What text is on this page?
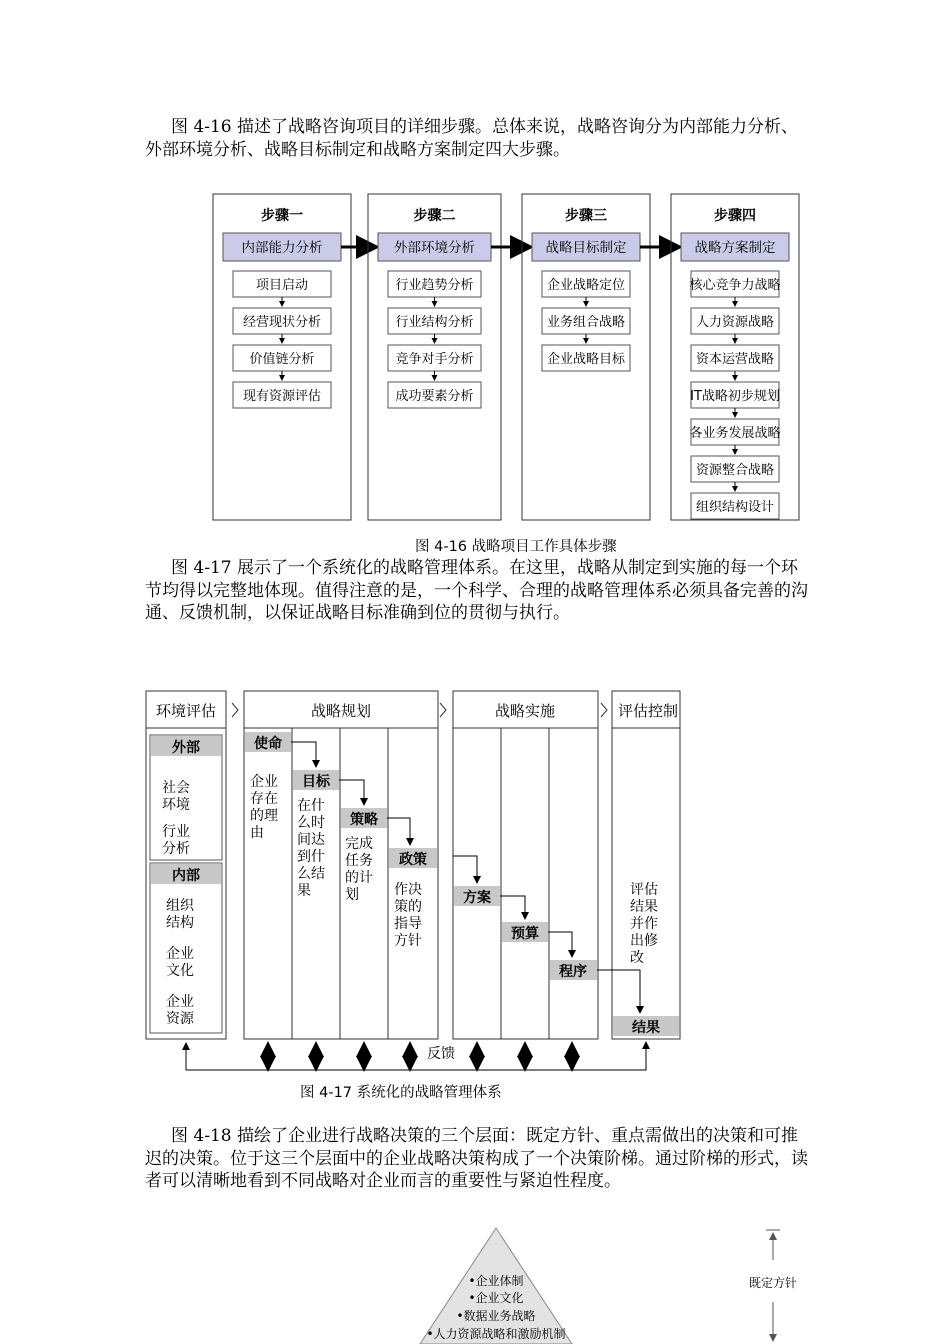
图 4-16 描述了战略咨询项目的详细步骤。总体来说，战略咨询分为内部能力分析、外部环境分析、战略目标制定和战略方案制定四大步骤。

步骤一
内部能力分析
项目启动
经营现状分析
价值链分析
现有资源评估
步骤二
外部环境分析
行业趋势分析
行业结构分析
竞争对手分析
成功要素分析
步骤三
战略目标制定
企业战略定位
业务组合战略
企业战略目标
步骤四
战略方案制定
核心竞争力战略
人力资源战略
资本运营战略
IT战略初步规划
各业务发展战略
资源整合战略
组织结构设计
图 4-16 战略项目工作具体步骤

图 4-17 展示了一个系统化的战略管理体系。在这里，战略从制定到实施的每一个环节均得以完整地体现。值得注意的是，一个科学、合理的战略管理体系必须具备完善的沟通、反馈机制，以保证战略目标准确到位的贯彻与执行。

环境评估	战略规划	战略实施	评估控制
外部
内部
社会
环境
行业
分析
组织
结构
企业
文化
企业
资源
企业
存在
的理
由
在什
么时
间达
到什
么结
果
完成
任务
的计
划	作决
策的
指导
方针
评估
结果
并作
出修
改
使命
目标
策略
政策
方案
预算
程序
结果
反馈
图 4-17 系统化的战略管理体系

图 4-18 描绘了企业进行战略决策的三个层面：既定方针、重点需做出的决策和可推迟的决策。位于这三个层面中的企业战略决策构成了一个决策阶梯。通过阶梯的形式，读者可以清晰地看到不同战略对企业而言的重要性与紧迫性程度。

•企业体制
•企业文化
•数据业务战略
•人力资源战略和激励机制
既定方针
